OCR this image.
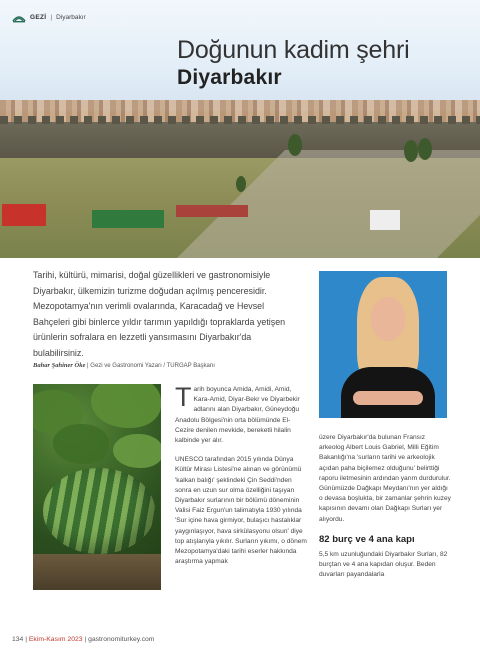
GEZİ | Diyarbakır
Doğunun kadim şehri
Diyarbakır
Tarihi, kültürü, mimarisi, doğal güzellikleri ve gastronomisiyle Diyarbakır, ülkemizin turizme doğudan açılmış penceresidir. Mezopotamya'nın verimli ovalarında, Karacadağ ve Hevsel Bahçeleri gibi binlerce yıldır tarımın yapıldığı topraklarda yetişen ürünlerin sofralara en lezzetli yansımasını Diyarbakır'da bulabilirsiniz.
Bahar Şahiner Öke | Gezi ve Gastronomi Yazarı / TURGAP Başkanı

Tarih boyunca Amida, Amidi, Amid, Kara-Amid, Diyar-Bekr ve Diyarbekir adlarını alan Diyarbakır, Güneydoğu Anadolu Bölgesi'nin orta bölümünde El-Cezire denilen mevkide, bereketli hilalin kalbinde yer alır.

UNESCO tarafından 2015 yılında Dünya Kültür Mirası Listesi'ne alınan ve görünümü 'kalkan balığı' şeklindeki Çin Seddi'nden sonra en uzun sur olma özelliğini taşıyan Diyarbakır surlarının bir bölümü döneminin Valisi Faiz Ergun'un talimatıyla 1930 yılında 'Sur içine hava girmiyor, bulaşıcı hastalıklar yaygınlaşıyor, hava sirkülasyonu olsun' diye top atışlarıyla yıkılır. Surların yıkımı, o dönem Mezopotamya'daki tarihi eserler hakkında araştırma yapmak

üzere Diyarbakır'da bulunan Fransız arkeolog Albert Louis Gabriel, Milli Eğitim Bakanlığı'na 'surların tarihi ve arkeolojik açıdan paha biçilemez olduğunu' belirttiği raporu iletmesinin ardından yarım durdurulur. Günümüzde Dağkapı Meydanı'nın yer aldığı o devasa boşlukta, bir zamanlar şehrin kuzey kapısının devamı olan Dağkapı Surları yer alıyordu.

82 burç ve 4 ana kapı

5,5 km uzunluğundaki Diyarbakır Surları, 82 burçtan ve 4 ana kapıdan oluşur. Beden duvarları payandalarla

134 | Ekim-Kasım 2023 | gastronomiturkey.com
